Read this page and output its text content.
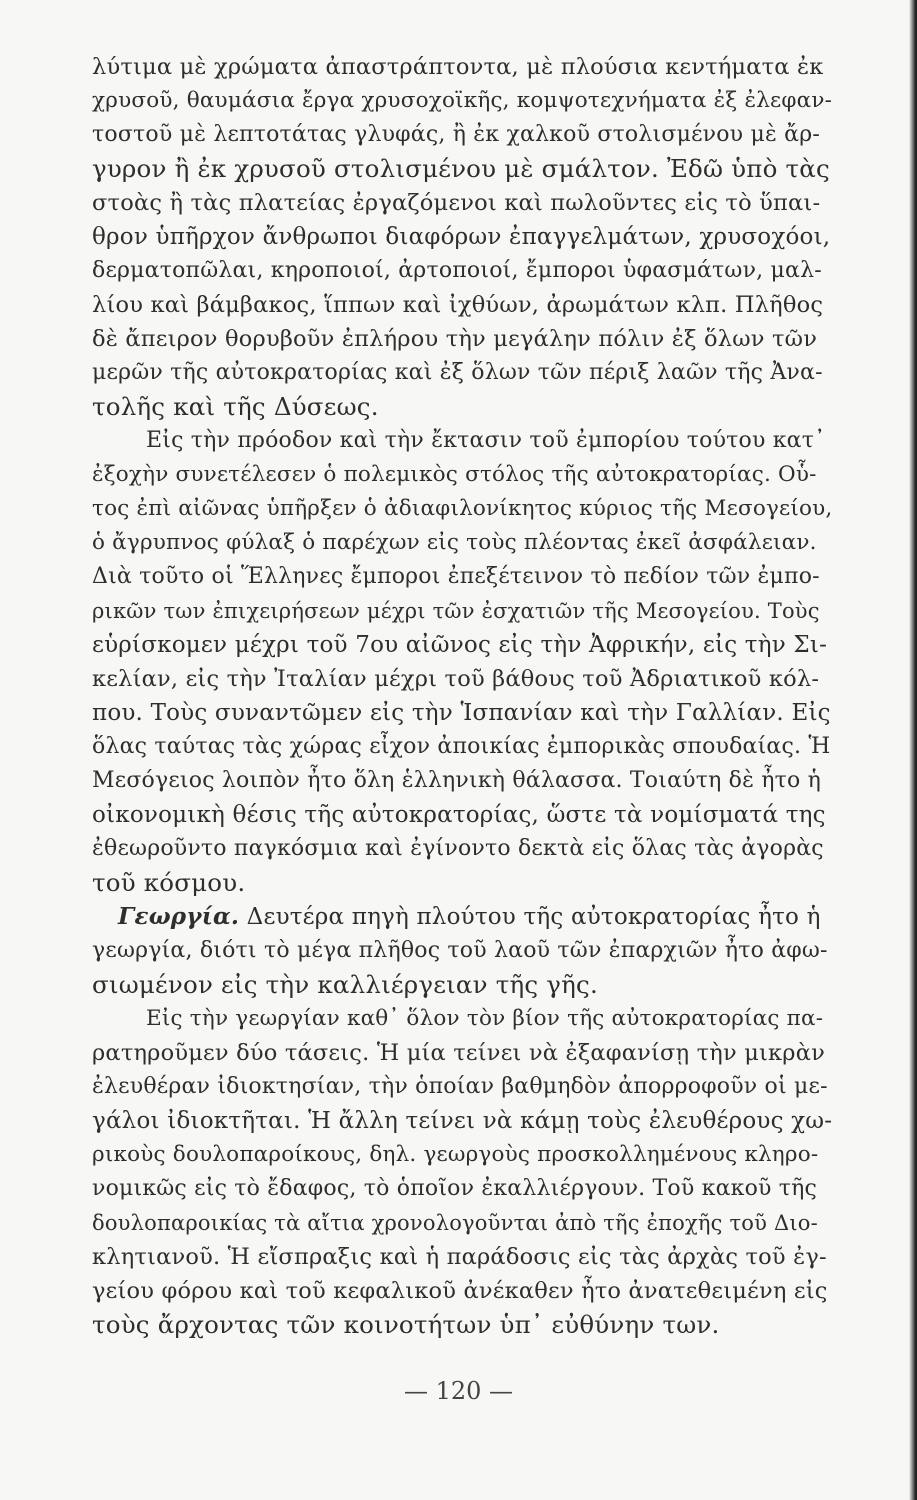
λύτιμα μὲ χρώματα ἀπαστράπτοντα, μὲ πλούσια κεντήματα ἐκ
χρυσοῦ, θαυμάσια ἔργα χρυσοχοϊκῆς, κομψοτεχνήματα ἐξ ἐλεφαν-
τοστοῦ μὲ λεπτοτάτας γλυφάς, ἢ ἐκ χαλκοῦ στολισμένου μὲ ἄρ-
γυρον ἢ ἐκ χρυσοῦ στολισμένου μὲ σμάλτον. Ἐδῶ ὑπὸ τὰς
στοὰς ἢ τὰς πλατείας ἐργαζόμενοι καὶ πωλοῦντες εἰς τὸ ὕπαι-
θρον ὑπῆρχον ἄνθρωποι διαφόρων ἐπαγγελμάτων, χρυσοχόοι,
δερματοπῶλαι, κηροποιοί, ἀρτοποιοί, ἔμποροι ὑφασμάτων, μαλ-
λίου καὶ βάμβακος, ἵππων καὶ ἰχθύων, ἀρωμάτων κλπ. Πλῆθος
δὲ ἄπειρον θορυβοῦν ἐπλήρου τὴν μεγάλην πόλιν ἐξ ὅλων τῶν
μερῶν τῆς αὐτοκρατορίας καὶ ἐξ ὅλων τῶν πέριξ λαῶν τῆς Ἀνα-
τολῆς καὶ τῆς Δύσεως.
Εἰς τὴν πρόοδον καὶ τὴν ἔκτασιν τοῦ ἐμπορίου τούτου κατ᾽
ἐξοχὴν συνετέλεσεν ὁ πολεμικὸς στόλος τῆς αὐτοκρατορίας. Οὗ-
τος ἐπὶ αἰῶνας ὑπῆρξεν ὁ ἀδιαφιλονίκητος κύριος τῆς Μεσογείου,
ὁ ἄγρυπνος φύλαξ ὁ παρέχων εἰς τοὺς πλέοντας ἐκεῖ ἀσφάλειαν.
Διὰ τοῦτο οἱ Ἕλληνες ἔμποροι ἐπεξέτεινον τὸ πεδίον τῶν ἐμπο-
ρικῶν των ἐπιχειρήσεων μέχρι τῶν ἐσχατιῶν τῆς Μεσογείου. Τοὺς
εὑρίσκομεν μέχρι τοῦ 7ου αἰῶνος εἰς τὴν Ἀφρικήν, εἰς τὴν Σι-
κελίαν, εἰς τὴν Ἰταλίαν μέχρι τοῦ βάθους τοῦ Ἀδριατικοῦ κόλ-
που. Τοὺς συναντῶμεν εἰς τὴν Ἱσπανίαν καὶ τὴν Γαλλίαν. Εἰς
ὅλας ταύτας τὰς χώρας εἶχον ἀποικίας ἐμπορικὰς σπουδαίας. Ἡ
Μεσόγειος λοιπὸν ἦτο ὅλη ἑλληνικὴ θάλασσα. Τοιαύτη δὲ ἦτο ἡ
οἰκονομικὴ θέσις τῆς αὐτοκρατορίας, ὥστε τὰ νομίσματά της
ἐθεωροῦντο παγκόσμια καὶ ἐγίνοντο δεκτὰ εἰς ὅλας τὰς ἀγορὰς
τοῦ κόσμου.
Γεωργία. Δευτέρα πηγὴ πλούτου τῆς αὐτοκρατορίας ἦτο ἡ
γεωργία, διότι τὸ μέγα πλῆθος τοῦ λαοῦ τῶν ἐπαρχιῶν ἦτο ἀφω-
σιωμένον εἰς τὴν καλλιέργειαν τῆς γῆς.
Εἰς τὴν γεωργίαν καθ᾽ ὅλον τὸν βίον τῆς αὐτοκρατορίας πα-
ρατηροῦμεν δύο τάσεις. Ἡ μία τείνει νὰ ἐξαφανίσῃ τὴν μικρὰν
ἐλευθέραν ἰδιοκτησίαν, τὴν ὁποίαν βαθμηδὸν ἀπορροφοῦν οἱ με-
γάλοι ἰδιοκτῆται. Ἡ ἄλλη τείνει νὰ κάμῃ τοὺς ἐλευθέρους χω-
ρικοὺς δουλοπαροίκους, δηλ. γεωργοὺς προσκολλημένους κληρο-
νομικῶς εἰς τὸ ἔδαφος, τὸ ὁποῖον ἐκαλλιέργουν. Τοῦ κακοῦ τῆς
δουλοπαροικίας τὰ αἴτια χρονολογοῦνται ἀπὸ τῆς ἐποχῆς τοῦ Διο-
κλητιανοῦ. Ἡ εἴσπραξις καὶ ἡ παράδοσις εἰς τὰς ἀρχὰς τοῦ ἐγ-
γείου φόρου καὶ τοῦ κεφαλικοῦ ἀνέκαθεν ἦτο ἀνατεθειμένη εἰς
τοὺς ἄρχοντας τῶν κοινοτήτων ὑπ᾽ εὐθύνην των.
— 120 —
